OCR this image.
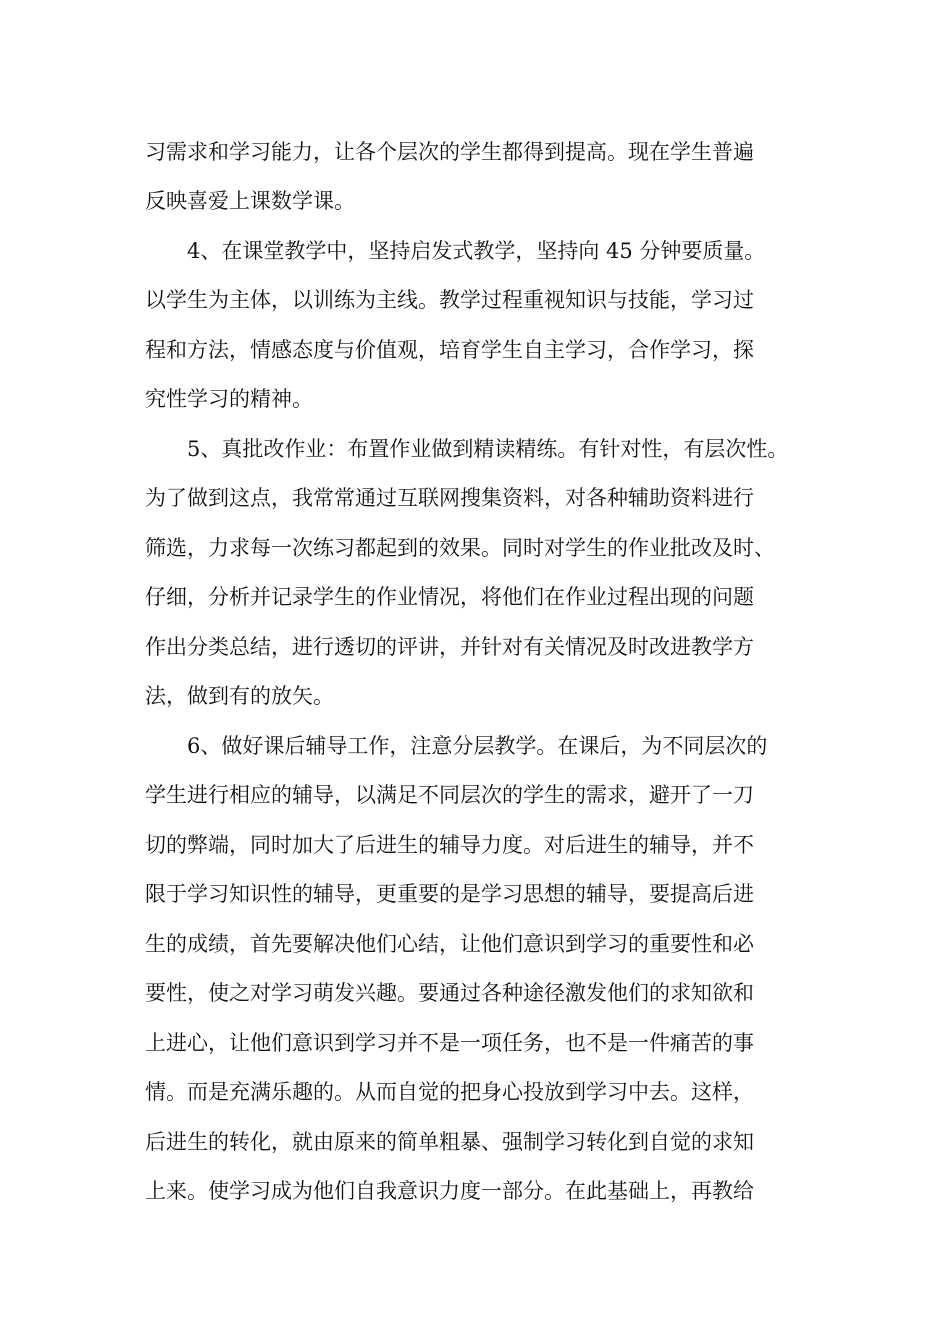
习需求和学习能力，让各个层次的学生都得到提高。现在学生普遍

反映喜爱上课数学课。

4、在课堂教学中，坚持启发式教学，坚持向 45 分钟要质量。

以学生为主体，以训练为主线。教学过程重视知识与技能，学习过

程和方法，情感态度与价值观，培育学生自主学习，合作学习，探

究性学习的精神。

5、真批改作业：布置作业做到精读精练。有针对性，有层次性。

为了做到这点，我常常通过互联网搜集资料，对各种辅助资料进行

筛选，力求每一次练习都起到的效果。同时对学生的作业批改及时、

仔细，分析并记录学生的作业情况，将他们在作业过程出现的问题

作出分类总结，进行透切的评讲，并针对有关情况及时改进教学方

法，做到有的放矢。

6、做好课后辅导工作，注意分层教学。在课后，为不同层次的

学生进行相应的辅导，以满足不同层次的学生的需求，避开了一刀

切的弊端，同时加大了后进生的辅导力度。对后进生的辅导，并不

限于学习知识性的辅导，更重要的是学习思想的辅导，要提高后进

生的成绩，首先要解决他们心结，让他们意识到学习的重要性和必

要性，使之对学习萌发兴趣。要通过各种途径激发他们的求知欲和

上进心，让他们意识到学习并不是一项任务，也不是一件痛苦的事

情。而是充满乐趣的。从而自觉的把身心投放到学习中去。这样，

后进生的转化，就由原来的简单粗暴、强制学习转化到自觉的求知

上来。使学习成为他们自我意识力度一部分。在此基础上，再教给
